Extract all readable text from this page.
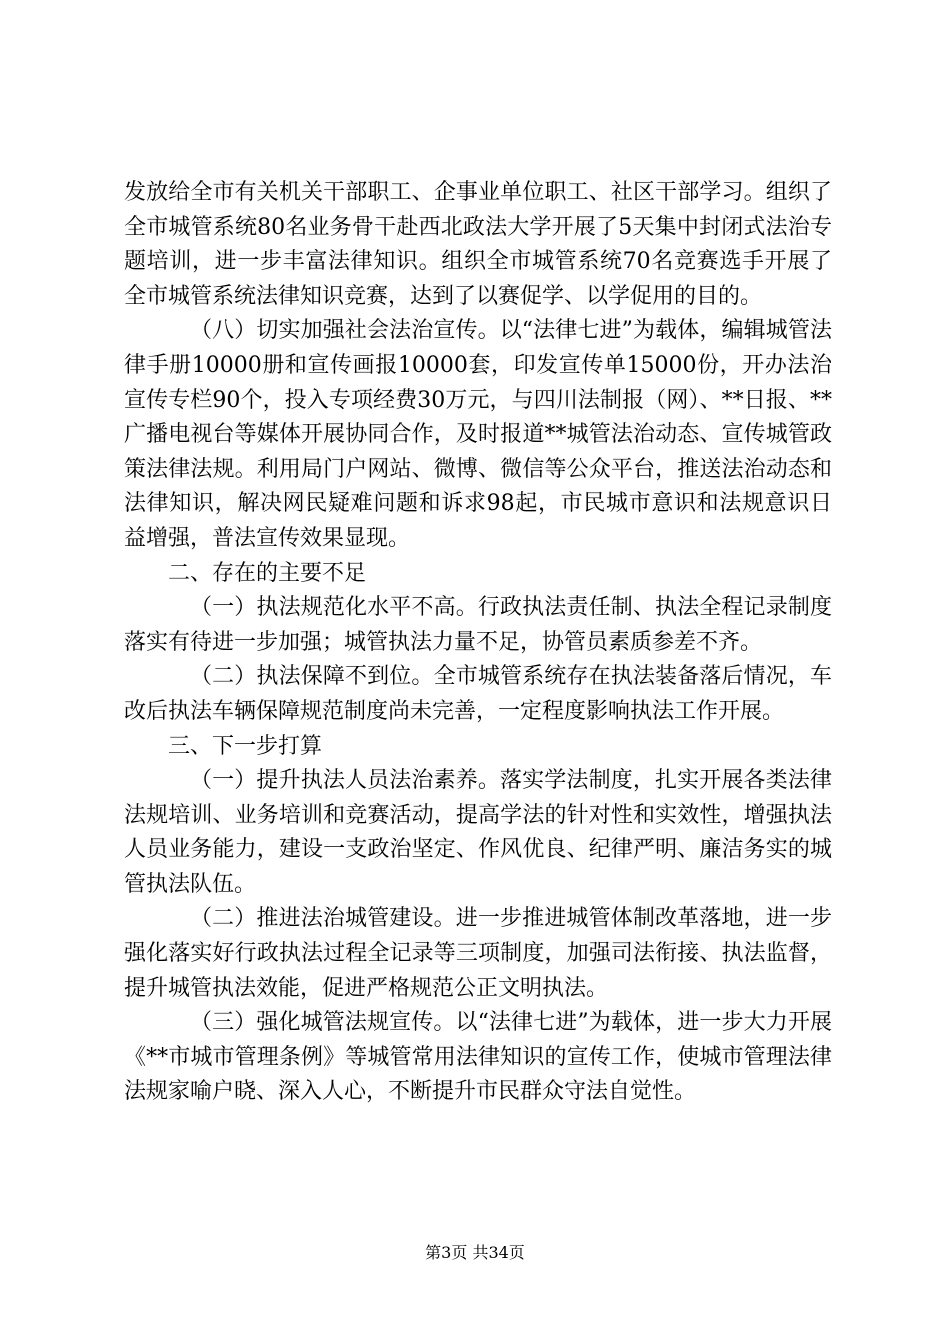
发放给全市有关机关干部职工、企事业单位职工、社区干部学习。组织了全市城管系统80名业务骨干赴西北政法大学开展了5天集中封闭式法治专题培训，进一步丰富法律知识。组织全市城管系统70名竞赛选手开展了全市城管系统法律知识竞赛，达到了以赛促学、以学促用的目的。

（八）切实加强社会法治宣传。以“法律七进”为载体，编辑城管法律手册10000册和宣传画报10000套，印发宣传单15000份，开办法治宣传专栏90个，投入专项经费30万元，与四川法制报（网）、**日报、**广播电视台等媒体开展协同合作，及时报道**城管法治动态、宣传城管政策法律法规。利用局门户网站、微博、微信等公众平台，推送法治动态和法律知识，解决网民疑难问题和诉求98起，市民城市意识和法规意识日益增强，普法宣传效果显现。

二、存在的主要不足

（一）执法规范化水平不高。行政执法责任制、执法全程记录制度落实有待进一步加强；城管执法力量不足，协管员素质参差不齐。

（二）执法保障不到位。全市城管系统存在执法装备落后情况，车改后执法车辆保障规范制度尚未完善，一定程度影响执法工作开展。

三、下一步打算

（一）提升执法人员法治素养。落实学法制度，扎实开展各类法律法规培训、业务培训和竞赛活动，提高学法的针对性和实效性，增强执法人员业务能力，建设一支政治坚定、作风优良、纪律严明、廉洁务实的城管执法队伍。

（二）推进法治城管建设。进一步推进城管体制改革落地，进一步强化落实好行政执法过程全记录等三项制度，加强司法衔接、执法监督，提升城管执法效能，促进严格规范公正文明执法。

（三）强化城管法规宣传。以“法律七进”为载体，进一步大力开展《**市城市管理条例》等城管常用法律知识的宣传工作，使城市管理法律法规家喻户晓、深入人心，不断提升市民群众守法自觉性。

第3页 共34页
